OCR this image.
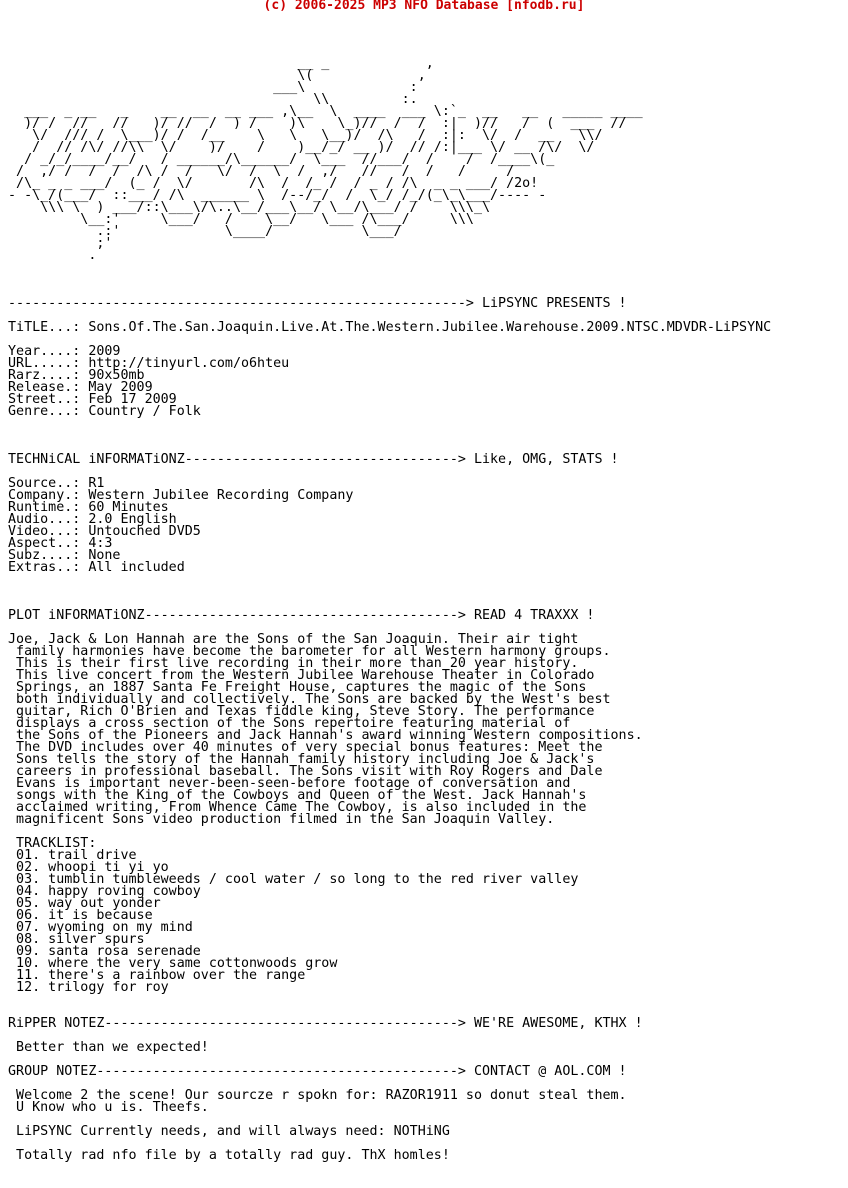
(c) 2006-2025 MP3 NFO Database [nfodb.ru]
__ _            ,
\(             ,
___\             :
\\         :.
___  _ __   _    __  __  __ ___ ,\__  \  ____  ___ \:`_  __   __   _____ ____
)/ /  //   //   )/ //  /  ) /    )\    \_)//  /  /  :|  )//   /  (  ___  //
\/  /// /  \___)/ /  /__    \   \   \__)/  /\   /  :|:  \/  /  __   \\/
/  // /\/ //\\  \/    )/    /    )__/_/ __ )/  // /:|___ \/ __ /\/  \/
/ _/_/____/__/   / ______/\______/  \___  //___/  /    /  /____\(_
/  ,/ /  /  /  /\ /  /   \/  /  \  /  ,/   //   /  /   /     /
/\_ _ _ ___/  (_ /  \/       /\  /  /_ /  / _ / /\  _ _ ___/ /2o!
- -\_/(___/  ::___/ /\  ______ \  /--/_/  /  \_/ /_/(_\_\___/---- -
\\\ \  ) ___/::\___\/\..\__/___\__/ \__/\___/ /    \\\_\
\__:'     \___/   /    \__/   \___ /\___/     \\\
.:'             \____/           \___/
;'
.
---------------------------------------------------------> LiPSYNC PRESENTS !
TiTLE...: Sons.Of.The.San.Joaquin.Live.At.The.Western.Jubilee.Warehouse.2009.NTSC.MDVDR-LiPSYNC
Year....: 2009
URL.....: http://tinyurl.com/o6hteu
Rarz....: 90x50mb
Release.: May 2009
Street..: Feb 17 2009
Genre...: Country / Folk
TECHNiCAL iNFORMATiONZ----------------------------------> Like, OMG, STATS !
Source..: R1
Company.: Western Jubilee Recording Company
Runtime.: 60 Minutes
Audio...: 2.0 English
Video...: Untouched DVD5
Aspect..: 4:3
Subz....: None
Extras..: All included
PLOT iNFORMATiONZ---------------------------------------> READ 4 TRAXXX !
Joe, Jack & Lon Hannah are the Sons of the San Joaquin. Their air tight
family harmonies have become the barometer for all Western harmony groups.
This is their first live recording in their more than 20 year history.
This live concert from the Western Jubilee Warehouse Theater in Colorado
Springs, an 1887 Santa Fe Freight House, captures the magic of the Sons
both individually and collectively. The Sons are backed by the West's best
guitar, Rich O'Brien and Texas fiddle king, Steve Story. The performance
displays a cross section of the Sons repertoire featuring material of
the Sons of the Pioneers and Jack Hannah's award winning Western compositions.
The DVD includes over 40 minutes of very special bonus features: Meet the
Sons tells the story of the Hannah family history including Joe & Jack's
careers in professional baseball. The Sons visit with Roy Rogers and Dale
Evans is important never-been-seen-before footage of conversation and
songs with the King of the Cowboys and Queen of the West. Jack Hannah's
acclaimed writing, From Whence Came The Cowboy, is also included in the
magnificent Sons video production filmed in the San Joaquin Valley.
TRACKLIST:
01. trail drive
02. whoopi ti yi yo
03. tumblin tumbleweeds / cool water / so long to the red river valley
04. happy roving cowboy
05. way out yonder
06. it is because
07. wyoming on my mind
08. silver spurs
09. santa rosa serenade
10. where the very same cottonwoods grow
11. there's a rainbow over the range
12. trilogy for roy
RiPPER NOTEZ--------------------------------------------> WE'RE AWESOME, KTHX !
Better than we expected!
GROUP NOTEZ---------------------------------------------> CONTACT @ AOL.COM !
Welcome 2 the scene! Our sourcze r spokn for: RAZOR1911 so donut steal them.
U Know who u is. Theefs.
LiPSYNC Currently needs, and will always need: NOTHiNG
Totally rad nfo file by a totally rad guy. ThX homles!
